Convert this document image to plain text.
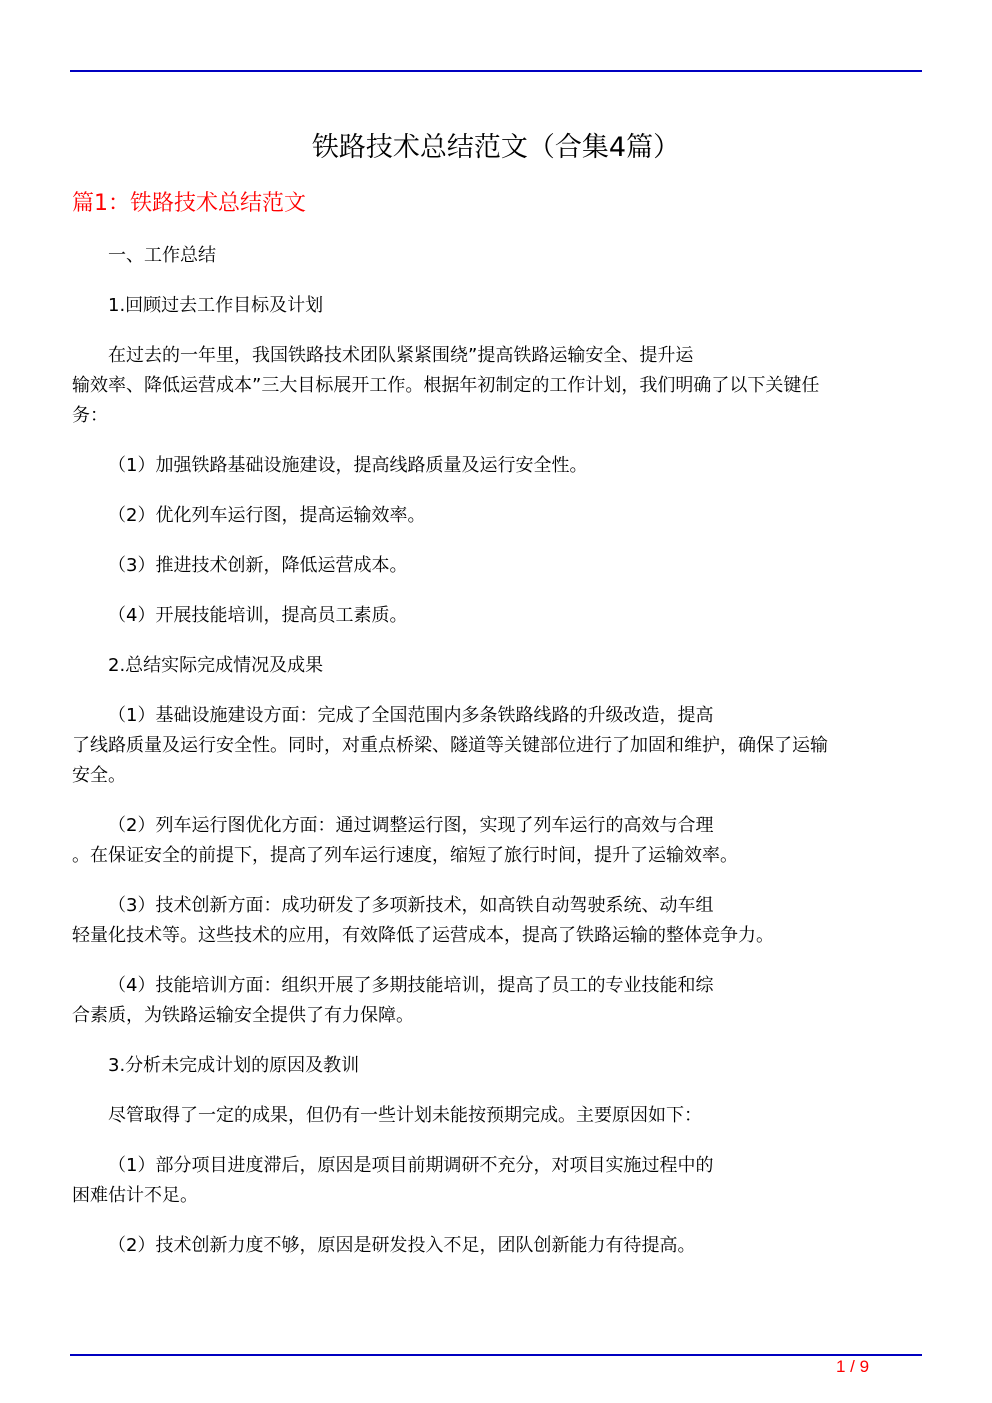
铁路技术总结范文（合集4篇）
篇1：铁路技术总结范文
一、工作总结
1.回顾过去工作目标及计划
在过去的一年里，我国铁路技术团队紧紧围绕”提高铁路运输安全、提升运
输效率、降低运营成本”三大目标展开工作。根据年初制定的工作计划，我们明确了以下关键任
务：
（1）加强铁路基础设施建设，提高线路质量及运行安全性。
（2）优化列车运行图，提高运输效率。
（3）推进技术创新，降低运营成本。
（4）开展技能培训，提高员工素质。
2.总结实际完成情况及成果
（1）基础设施建设方面：完成了全国范围内多条铁路线路的升级改造，提高
了线路质量及运行安全性。同时，对重点桥梁、隧道等关键部位进行了加固和维护，确保了运输
安全。
（2）列车运行图优化方面：通过调整运行图，实现了列车运行的高效与合理
。在保证安全的前提下，提高了列车运行速度，缩短了旅行时间，提升了运输效率。
（3）技术创新方面：成功研发了多项新技术，如高铁自动驾驶系统、动车组
轻量化技术等。这些技术的应用，有效降低了运营成本，提高了铁路运输的整体竞争力。
（4）技能培训方面：组织开展了多期技能培训，提高了员工的专业技能和综
合素质，为铁路运输安全提供了有力保障。
3.分析未完成计划的原因及教训
尽管取得了一定的成果，但仍有一些计划未能按预期完成。主要原因如下：
（1）部分项目进度滞后，原因是项目前期调研不充分，对项目实施过程中的
困难估计不足。
（2）技术创新力度不够，原因是研发投入不足，团队创新能力有待提高。
1 / 9
